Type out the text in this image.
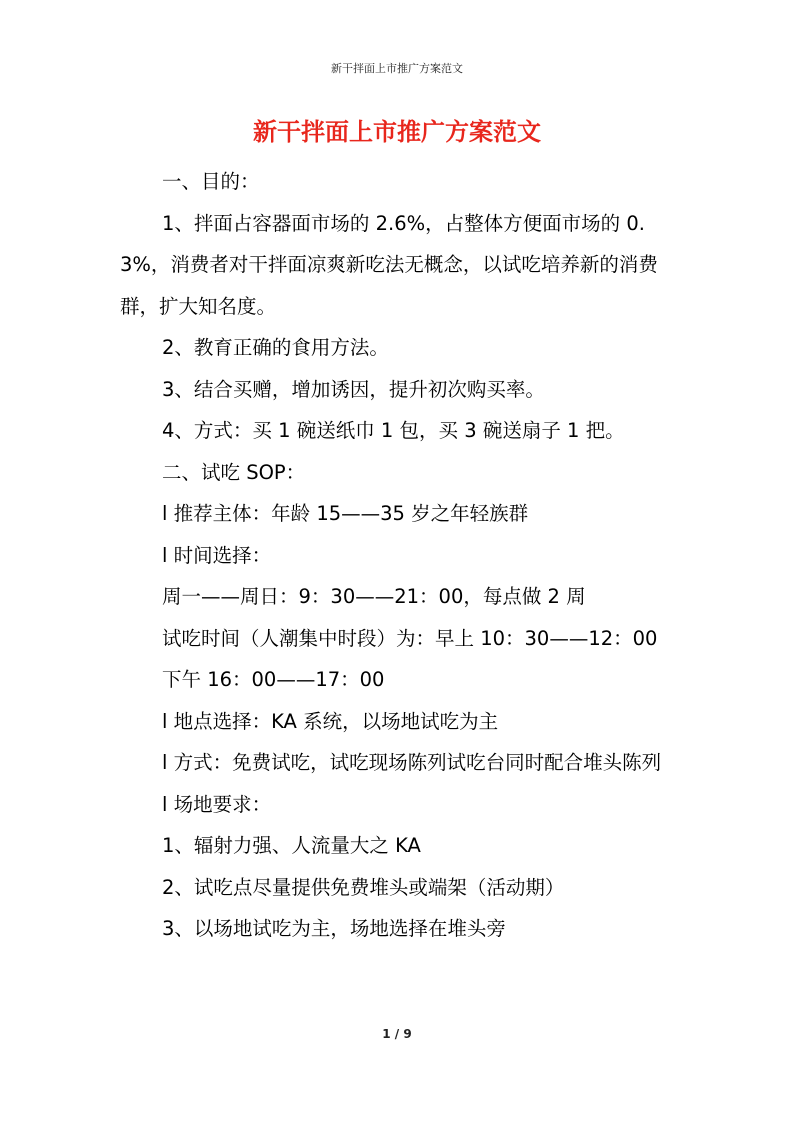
新干拌面上市推广方案范文
新干拌面上市推广方案范文

一、目的：

1、拌面占容器面市场的 2.6%，占整体方便面市场的 0.3%，消费者对干拌面凉爽新吃法无概念，以试吃培养新的消费群，扩大知名度。

2、教育正确的食用方法。

3、结合买赠，增加诱因，提升初次购买率。

4、方式：买 1 碗送纸巾 1 包，买 3 碗送扇子 1 把。

二、试吃 SOP：

l 推荐主体：年龄 15——35 岁之年轻族群

l 时间选择：

周一——周日：9：30——21：00，每点做 2 周

试吃时间（人潮集中时段）为：早上 10：30——12：00

下午 16：00——17：00

l 地点选择：KA 系统，以场地试吃为主

l 方式：免费试吃，试吃现场陈列试吃台同时配合堆头陈列

l 场地要求：

1、辐射力强、人流量大之 KA

2、试吃点尽量提供免费堆头或端架（活动期）

3、以场地试吃为主，场地选择在堆头旁

1 / 9
